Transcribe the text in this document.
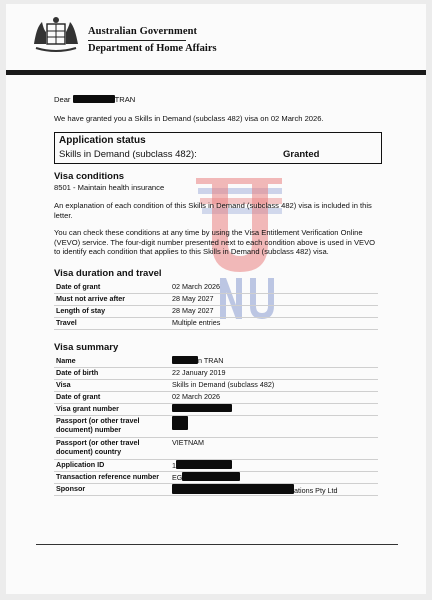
Australian Government
Department of Home Affairs
Dear	TRAN
We have granted you a Skills in Demand (subclass 482) visa on 02 March 2026.
Application status
Skills in Demand (subclass 482):	Granted
Visa conditions
8501 - Maintain health insurance
An explanation of each condition of this Skills in Demand (subclass 482) visa is included in this letter.
You can check these conditions at any time by using the Visa Entitlement Verification Online (VEVO) service. The four-digit number presented next to each condition above is used in VEVO to identify each condition that applies to this Skills in Demand (subclass 482) visa.
Visa duration and travel
Date of grant	02 March 2026
Must not arrive after	28 May 2027
Length of stay	28 May 2027
Travel	Multiple entries
Visa summary
Name	n TRAN
Date of birth	22 January 2019
Visa	Skills in Demand (subclass 482)
Date of grant	02 March 2026
Visa grant number	
Passport (or other travel document) number	
Passport (or other travel document) country	VIETNAM
Application ID	1
Transaction reference number	EG
Sponsor	ations Pty Ltd
